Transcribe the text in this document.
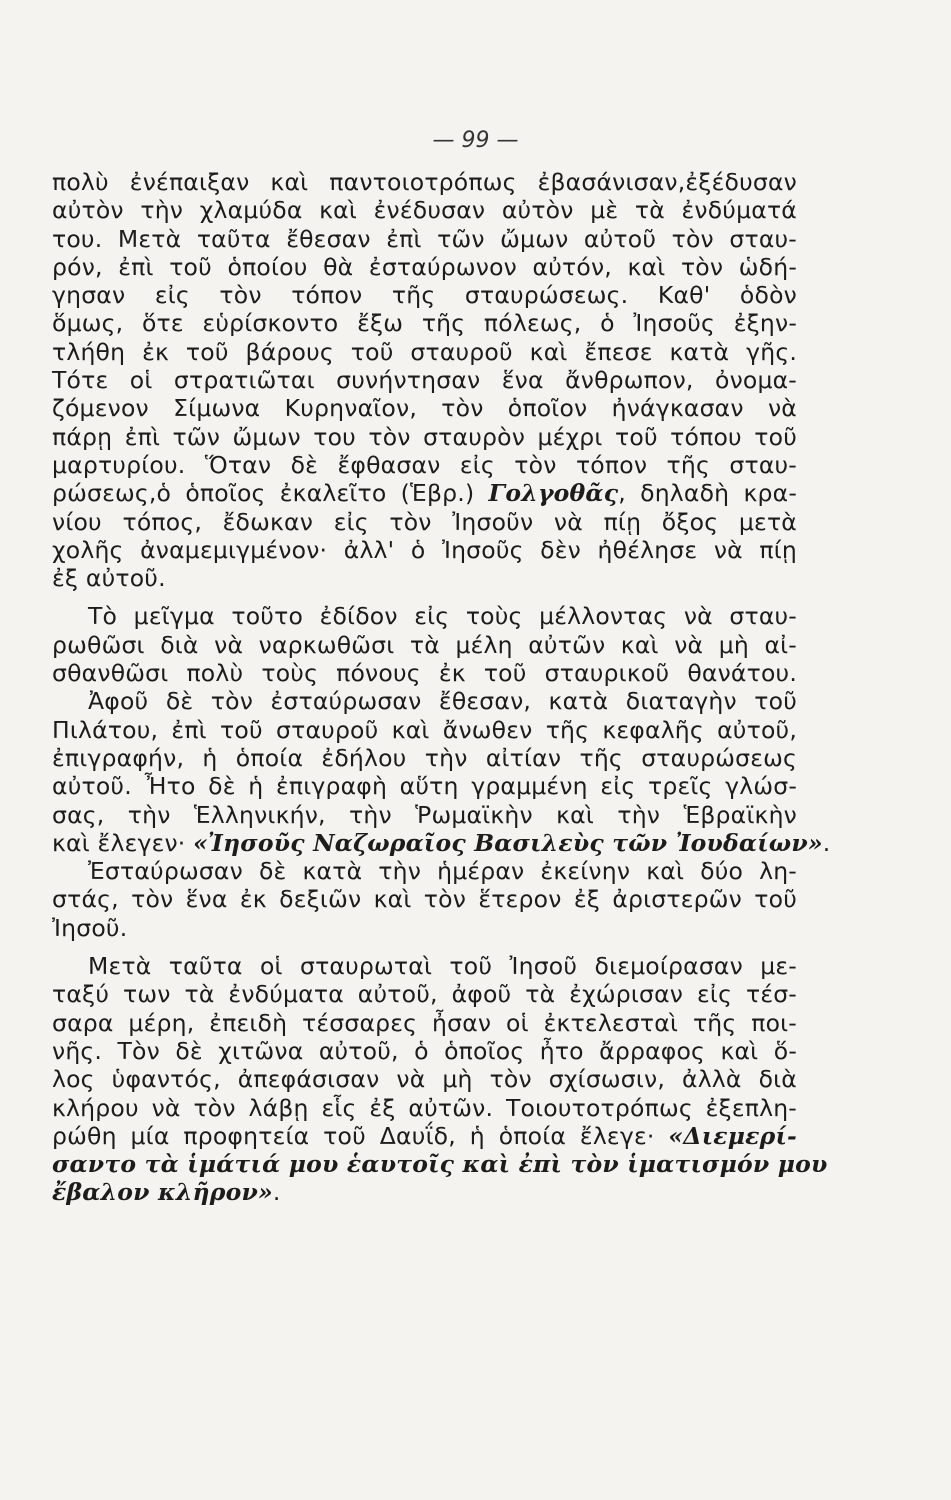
— 99 —
πολὺ ἐνέπαιξαν καὶ παντοιοτρόπως ἐβασάνισαν,ἐξέδυσαν
αὐτὸν τὴν χλαμύδα καὶ ἐνέδυσαν αὐτὸν μὲ τὰ ἐνδύματά
του. Μετὰ ταῦτα ἔθεσαν ἐπὶ τῶν ὤμων αὐτοῦ τὸν σταυ-
ρόν, ἐπὶ τοῦ ὁποίου θὰ ἐσταύρωνον αὐτόν, καὶ τὸν ὡδή-
γησαν εἰς τὸν τόπον τῆς σταυρώσεως. Καθ' ὁδὸν
ὅμως, ὅτε εὑρίσκοντο ἔξω τῆς πόλεως, ὁ Ἰησοῦς ἐξην-
τλήθη ἐκ τοῦ βάρους τοῦ σταυροῦ καὶ ἔπεσε κατὰ γῆς.
Τότε οἱ στρατιῶται συνήντησαν ἕνα ἄνθρωπον, ὀνομα-
ζόμενον Σίμωνα Κυρηναῖον, τὸν ὁποῖον ἠνάγκασαν νὰ
πάρῃ ἐπὶ τῶν ὤμων του τὸν σταυρὸν μέχρι τοῦ τόπου τοῦ
μαρτυρίου. Ὅταν δὲ ἔφθασαν εἰς τὸν τόπον τῆς σταυ-
ρώσεως,ὁ ὁποῖος ἐκαλεῖτο (Ἑβρ.) Γολγοθᾶς, δηλαδὴ κρα-
νίου τόπος, ἔδωκαν εἰς τὸν Ἰησοῦν νὰ πίῃ ὄξος μετὰ
χολῆς ἀναμεμιγμένον· ἀλλ' ὁ Ἰησοῦς δὲν ἠθέλησε νὰ πίῃ
ἐξ αὐτοῦ.
Τὸ μεῖγμα τοῦτο ἐδίδον εἰς τοὺς μέλλοντας νὰ σταυ-
ρωθῶσι διὰ νὰ ναρκωθῶσι τὰ μέλη αὐτῶν καὶ νὰ μὴ αἰ-
σθανθῶσι πολὺ τοὺς πόνους ἐκ τοῦ σταυρικοῦ θανάτου.
Ἀφοῦ δὲ τὸν ἐσταύρωσαν ἔθεσαν, κατὰ διαταγὴν τοῦ
Πιλάτου, ἐπὶ τοῦ σταυροῦ καὶ ἄνωθεν τῆς κεφαλῆς αὐτοῦ,
ἐπιγραφήν, ἡ ὁποία ἐδήλου τὴν αἰτίαν τῆς σταυρώσεως
αὐτοῦ. Ἦτο δὲ ἡ ἐπιγραφὴ αὕτη γραμμένη εἰς τρεῖς γλώσ-
σας, τὴν Ἑλληνικήν, τὴν Ῥωμαϊκὴν καὶ τὴν Ἑβραϊκὴν
καὶ ἔλεγεν· «Ἰησοῦς Ναζωραῖος Βασιλεὺς τῶν Ἰουδαίων».
Ἐσταύρωσαν δὲ κατὰ τὴν ἡμέραν ἐκείνην καὶ δύο λη-
στάς, τὸν ἕνα ἐκ δεξιῶν καὶ τὸν ἕτερον ἐξ ἀριστερῶν τοῦ
Ἰησοῦ.
Μετὰ ταῦτα οἱ σταυρωταὶ τοῦ Ἰησοῦ διεμοίρασαν με-
ταξύ των τὰ ἐνδύματα αὐτοῦ, ἀφοῦ τὰ ἐχώρισαν εἰς τέσ-
σαρα μέρη, ἐπειδὴ τέσσαρες ἦσαν οἱ ἐκτελεσταὶ τῆς ποι-
νῆς. Τὸν δὲ χιτῶνα αὐτοῦ, ὁ ὁποῖος ἦτο ἄρραφος καὶ ὅ-
λος ὑφαντός, ἀπεφάσισαν νὰ μὴ τὸν σχίσωσιν, ἀλλὰ διὰ
κλήρου νὰ τὸν λάβῃ εἷς ἐξ αὐτῶν. Τοιουτοτρόπως ἐξεπλη-
ρώθη μία προφητεία τοῦ Δαυΐδ, ἡ ὁποία ἔλεγε· «Διεμερί-
σαντο τὰ ἱμάτιά μου ἑαυτοῖς καὶ ἐπὶ τὸν ἱματισμόν μου
ἔβαλον κλῆρον».
